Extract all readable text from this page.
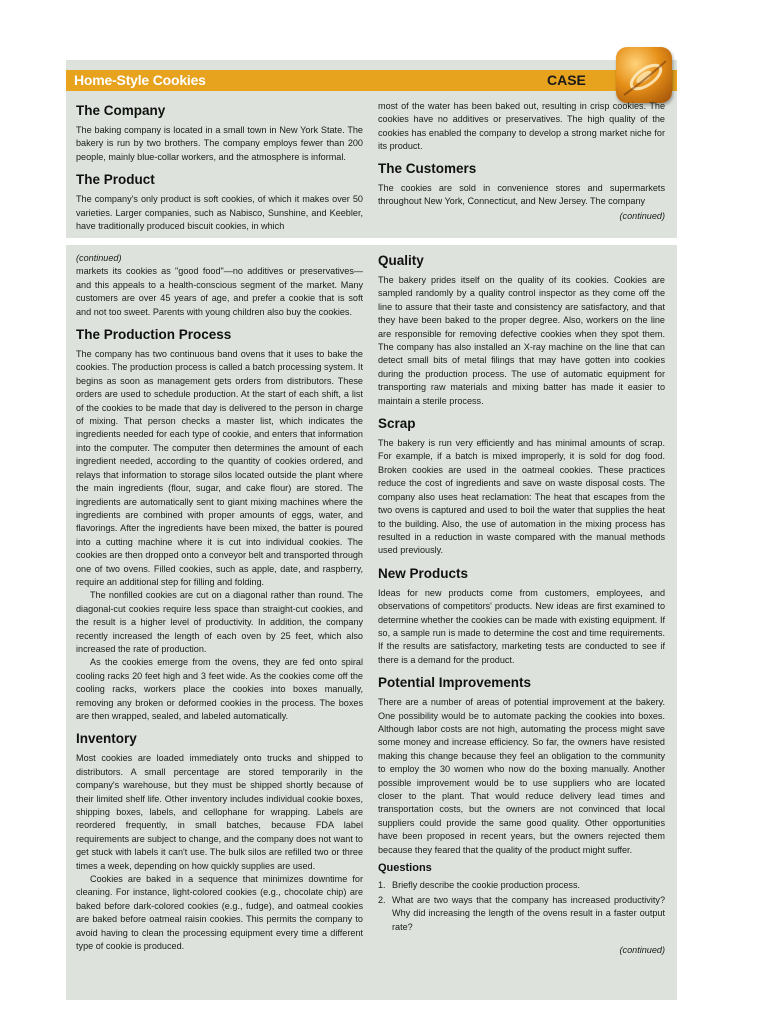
Home-Style Cookies	CASE
The Company

The baking company is located in a small town in New York State. The bakery is run by two brothers. The company employs fewer than 200 people, mainly blue-collar workers, and the atmosphere is informal.

The Product

The company's only product is soft cookies, of which it makes over 50 varieties. Larger companies, such as Nabisco, Sunshine, and Keebler, have traditionally produced biscuit cookies, in which

most of the water has been baked out, resulting in crisp cookies. The cookies have no additives or preservatives. The high quality of the cookies has enabled the company to develop a strong market niche for its product.

The Customers

The cookies are sold in convenience stores and supermarkets throughout New York, Connecticut, and New Jersey. The company

(continued)

(continued)

markets its cookies as "good food"—no additives or preservatives—and this appeals to a health-conscious segment of the market. Many customers are over 45 years of age, and prefer a cookie that is soft and not too sweet. Parents with young children also buy the cookies.

The Production Process

The company has two continuous band ovens that it uses to bake the cookies. The production process is called a batch processing system. It begins as soon as management gets orders from distributors. These orders are used to schedule production. At the start of each shift, a list of the cookies to be made that day is delivered to the person in charge of mixing. That person checks a master list, which indicates the ingredients needed for each type of cookie, and enters that information into the computer. The computer then determines the amount of each ingredient needed, according to the quantity of cookies ordered, and relays that information to storage silos located outside the plant where the main ingredients (flour, sugar, and cake flour) are stored. The ingredients are automatically sent to giant mixing machines where the ingredients are combined with proper amounts of eggs, water, and flavorings. After the ingredients have been mixed, the batter is poured into a cutting machine where it is cut into individual cookies. The cookies are then dropped onto a conveyor belt and transported through one of two ovens. Filled cookies, such as apple, date, and raspberry, require an additional step for filling and folding.

The nonfilled cookies are cut on a diagonal rather than round. The diagonal-cut cookies require less space than straight-cut cookies, and the result is a higher level of productivity. In addition, the company recently increased the length of each oven by 25 feet, which also increased the rate of production.

As the cookies emerge from the ovens, they are fed onto spiral cooling racks 20 feet high and 3 feet wide. As the cookies come off the cooling racks, workers place the cookies into boxes manually, removing any broken or deformed cookies in the process. The boxes are then wrapped, sealed, and labeled automatically.

Inventory

Most cookies are loaded immediately onto trucks and shipped to distributors. A small percentage are stored temporarily in the company's warehouse, but they must be shipped shortly because of their limited shelf life. Other inventory includes individual cookie boxes, shipping boxes, labels, and cellophane for wrapping. Labels are reordered frequently, in small batches, because FDA label requirements are subject to change, and the company does not want to get stuck with labels it can't use. The bulk silos are refilled two or three times a week, depending on how quickly supplies are used.

Cookies are baked in a sequence that minimizes downtime for cleaning. For instance, light-colored cookies (e.g., chocolate chip) are baked before dark-colored cookies (e.g., fudge), and oatmeal cookies are baked before oatmeal raisin cookies. This permits the company to avoid having to clean the processing equipment every time a different type of cookie is produced.

Quality

The bakery prides itself on the quality of its cookies. Cookies are sampled randomly by a quality control inspector as they come off the line to assure that their taste and consistency are satisfactory, and that they have been baked to the proper degree. Also, workers on the line are responsible for removing defective cookies when they spot them. The company has also installed an X-ray machine on the line that can detect small bits of metal filings that may have gotten into cookies during the production process. The use of automatic equipment for transporting raw materials and mixing batter has made it easier to maintain a sterile process.

Scrap

The bakery is run very efficiently and has minimal amounts of scrap. For example, if a batch is mixed improperly, it is sold for dog food. Broken cookies are used in the oatmeal cookies. These practices reduce the cost of ingredients and save on waste disposal costs. The company also uses heat reclamation: The heat that escapes from the two ovens is captured and used to boil the water that supplies the heat to the building. Also, the use of automation in the mixing process has resulted in a reduction in waste compared with the manual methods used previously.

New Products

Ideas for new products come from customers, employees, and observations of competitors' products. New ideas are first examined to determine whether the cookies can be made with existing equipment. If so, a sample run is made to determine the cost and time requirements. If the results are satisfactory, marketing tests are conducted to see if there is a demand for the product.

Potential Improvements

There are a number of areas of potential improvement at the bakery. One possibility would be to automate packing the cookies into boxes. Although labor costs are not high, automating the process might save some money and increase efficiency. So far, the owners have resisted making this change because they feel an obligation to the community to employ the 30 women who now do the boxing manually. Another possible improvement would be to use suppliers who are located closer to the plant. That would reduce delivery lead times and transportation costs, but the owners are not convinced that local suppliers could provide the same good quality. Other opportunities have been proposed in recent years, but the owners rejected them because they feared that the quality of the product might suffer.

Questions
1. Briefly describe the cookie production process.
2. What are two ways that the company has increased productivity? Why did increasing the length of the ovens result in a faster output rate?
(continued)
